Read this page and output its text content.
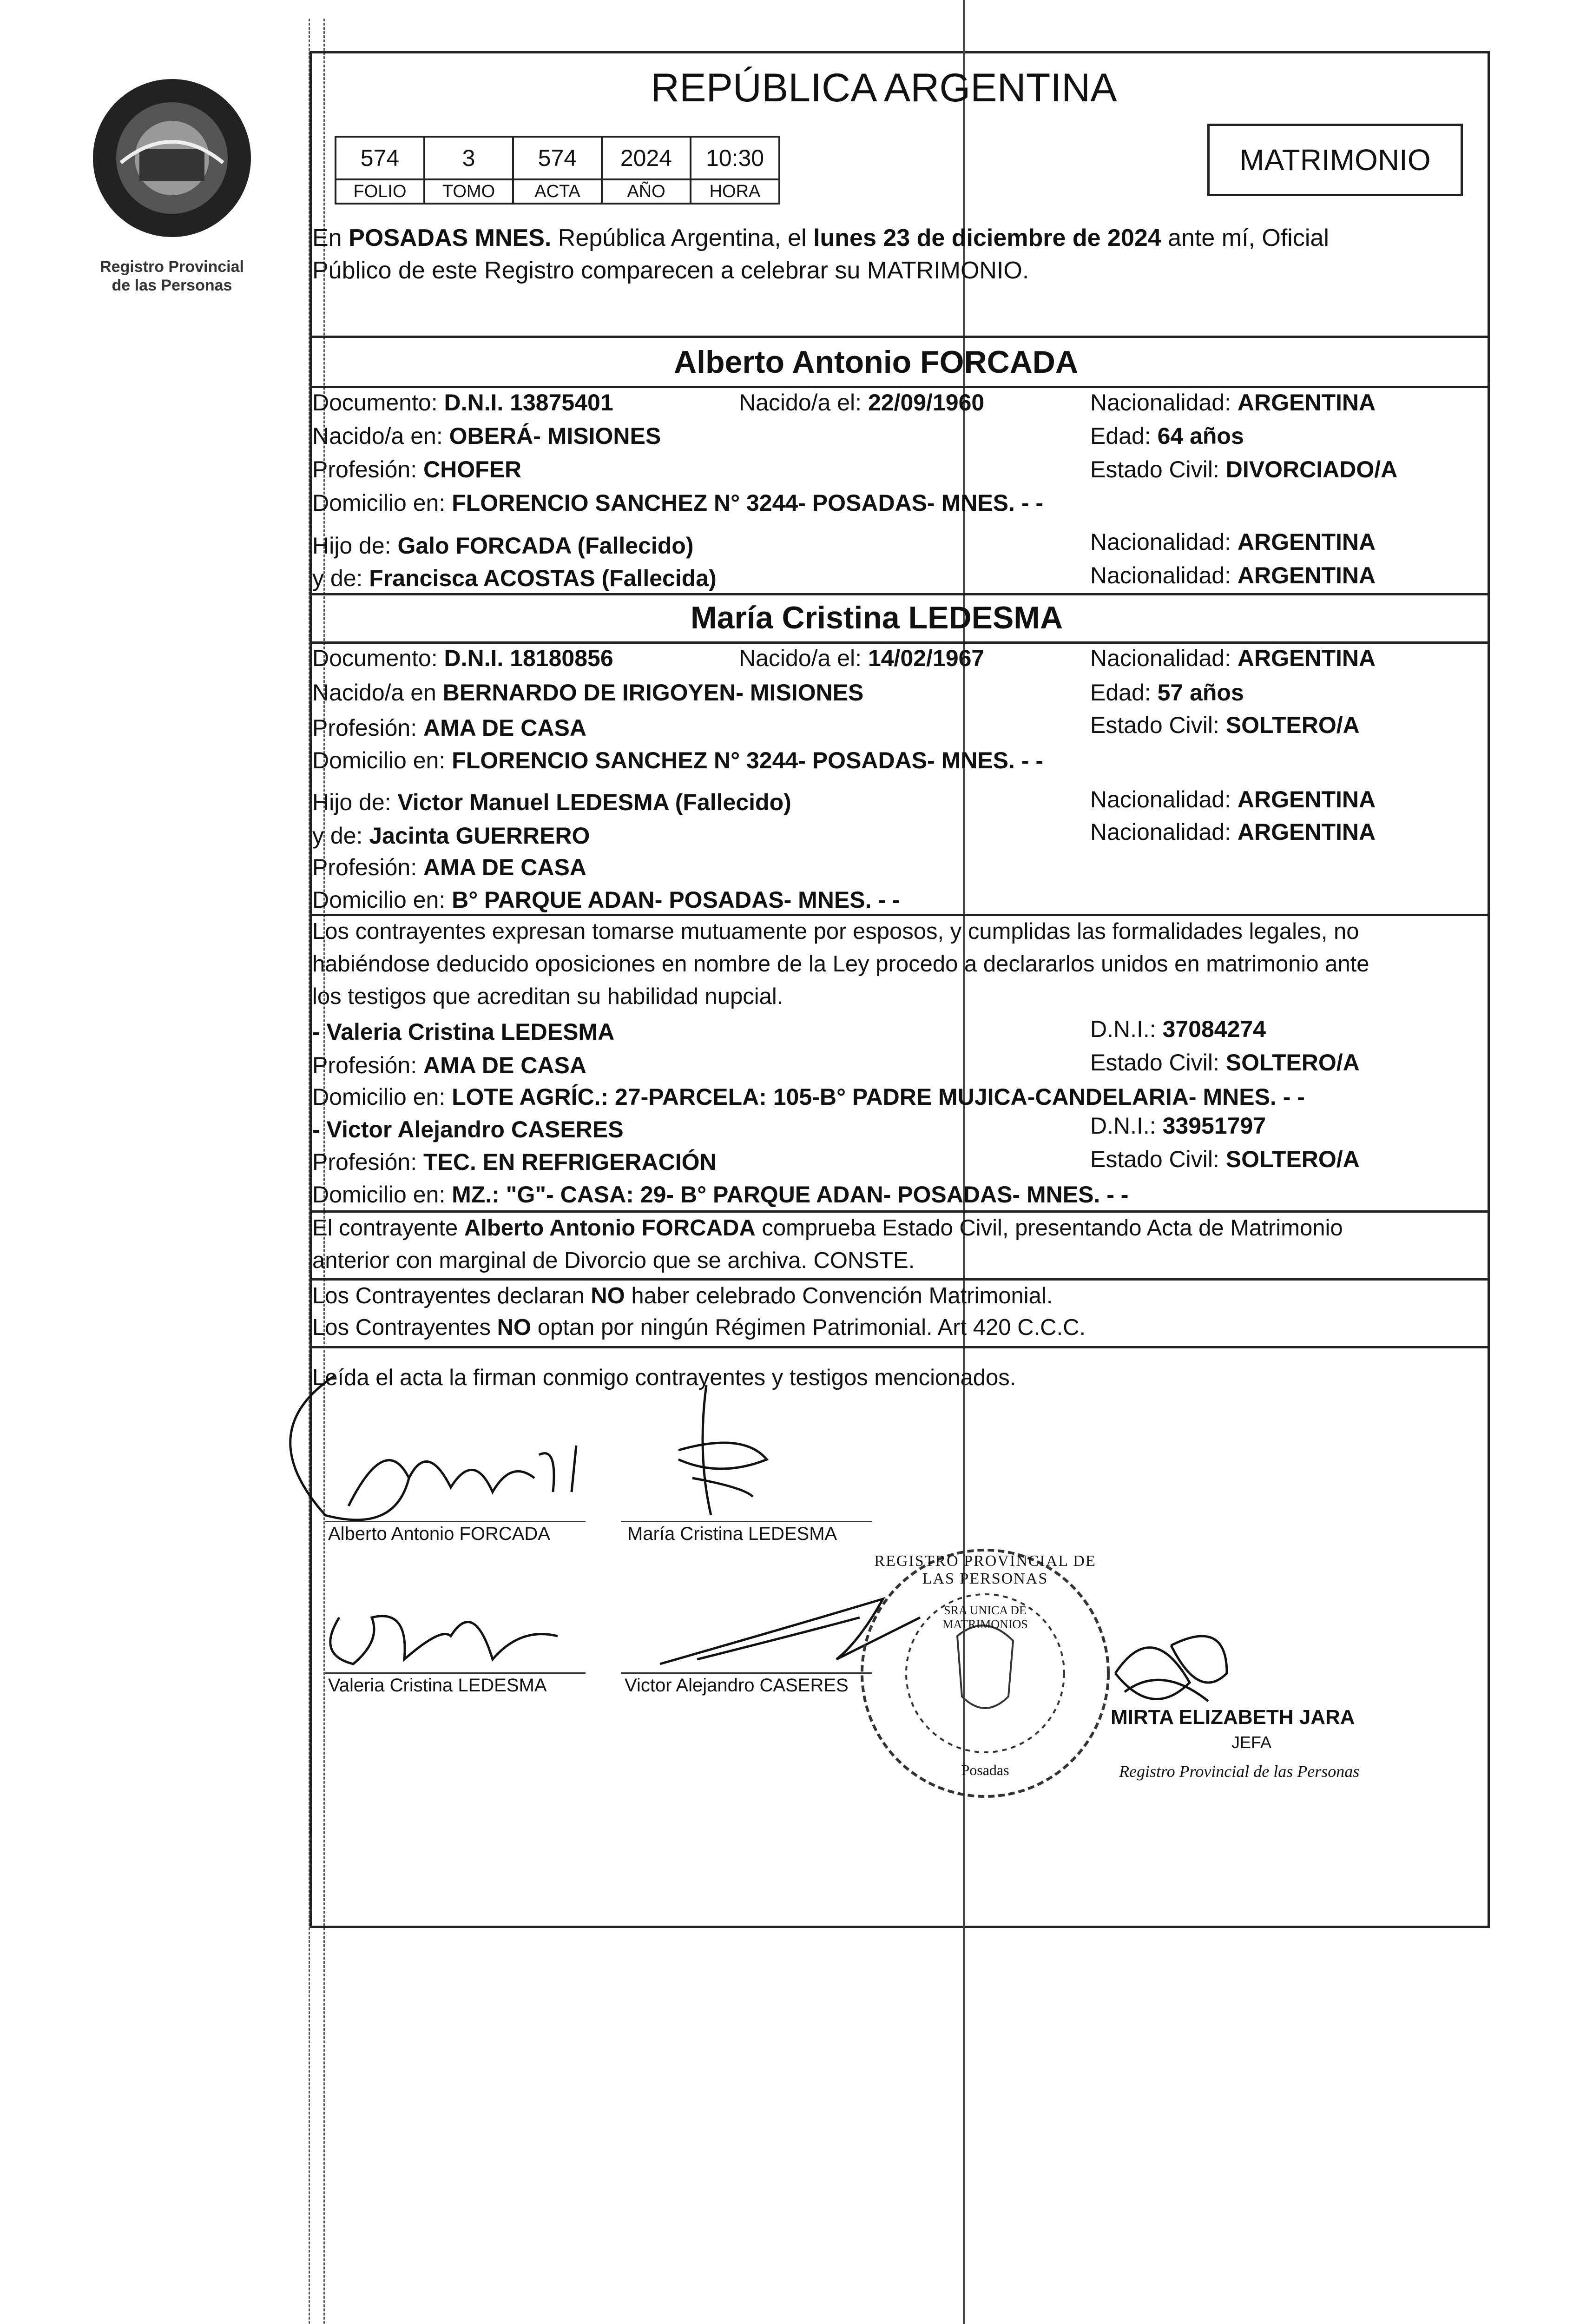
Registro Provincial
de las Personas
REPÚBLICA ARGENTINA
MATRIMONIO
574	3	574	2024	10:30
FOLIO	TOMO	ACTA	AÑO	HORA
En POSADAS MNES. República Argentina, el lunes 23 de diciembre de 2024 ante mí, Oficial
Público de este Registro comparecen a celebrar su MATRIMONIO.
Alberto Antonio FORCADA
Documento: D.N.I. 13875401	Nacido/a el: 22/09/1960	Nacionalidad: ARGENTINA
Nacido/a en: OBERÁ- MISIONES	Edad: 64 años
Profesión: CHOFER	Estado Civil: DIVORCIADO/A
Domicilio en: FLORENCIO SANCHEZ N° 3244- POSADAS- MNES. - -
Hijo de: Galo FORCADA (Fallecido)	Nacionalidad: ARGENTINA
y de: Francisca ACOSTAS (Fallecida)	Nacionalidad: ARGENTINA
María Cristina LEDESMA
Documento: D.N.I. 18180856	Nacido/a el: 14/02/1967	Nacionalidad: ARGENTINA
Nacido/a en BERNARDO DE IRIGOYEN- MISIONES	Edad: 57 años
Profesión: AMA DE CASA	Estado Civil: SOLTERO/A
Domicilio en: FLORENCIO SANCHEZ N° 3244- POSADAS- MNES. - -
Hijo de: Victor Manuel LEDESMA (Fallecido)	Nacionalidad: ARGENTINA
y de: Jacinta GUERRERO	Nacionalidad: ARGENTINA
Profesión: AMA DE CASA
Domicilio en: B° PARQUE ADAN- POSADAS- MNES. - -
Los contrayentes expresan tomarse mutuamente por esposos, y cumplidas las formalidades legales, no
habiéndose deducido oposiciones en nombre de la Ley procedo a declararlos unidos en matrimonio ante
los testigos que acreditan su habilidad nupcial.
- Valeria Cristina LEDESMA	D.N.I.: 37084274
Profesión: AMA DE CASA	Estado Civil: SOLTERO/A
Domicilio en: LOTE AGRÍC.: 27-PARCELA: 105-B° PADRE MUJICA-CANDELARIA- MNES. - -
- Victor Alejandro CASERES	D.N.I.: 33951797
Profesión: TEC. EN REFRIGERACIÓN	Estado Civil: SOLTERO/A
Domicilio en: MZ.: "G"- CASA: 29- B° PARQUE ADAN- POSADAS- MNES. - -
El contrayente Alberto Antonio FORCADA comprueba Estado Civil, presentando Acta de Matrimonio
anterior con marginal de Divorcio que se archiva. CONSTE.
Los Contrayentes declaran NO haber celebrado Convención Matrimonial.
Los Contrayentes NO optan por ningún Régimen Patrimonial. Art 420 C.C.C.
Leída el acta la firman conmigo contrayentes y testigos mencionados.
Alberto Antonio FORCADA	María Cristina LEDESMA
Valeria Cristina LEDESMA	Victor Alejandro CASERES
REGISTRO PROVINCIAL DE LAS PERSONAS
SRA UNICA DE MATRIMONIOS
Posadas
MIRTA ELIZABETH JARA
JEFA
Registro Provincial de las Personas
